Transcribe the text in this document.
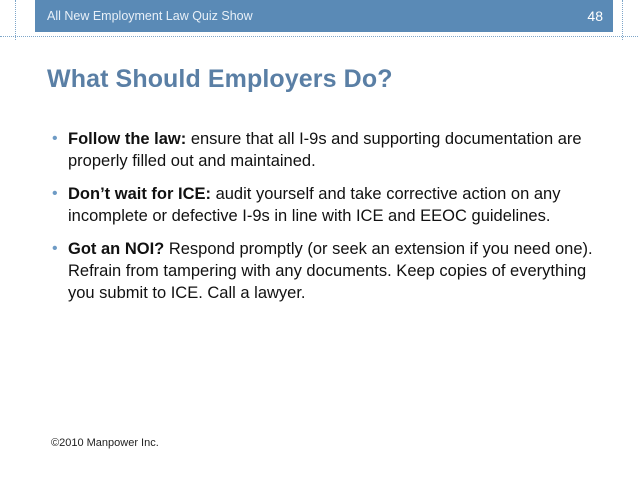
All New Employment Law Quiz Show	48
What Should Employers Do?
• Follow the law: ensure that all I-9s and supporting documentation are properly filled out and maintained.
• Don’t wait for ICE: audit yourself and take corrective action on any incomplete or defective I-9s in line with ICE and EEOC guidelines.
• Got an NOI? Respond promptly (or seek an extension if you need one). Refrain from tampering with any documents. Keep copies of everything you submit to ICE. Call a lawyer.
©2010 Manpower Inc.
